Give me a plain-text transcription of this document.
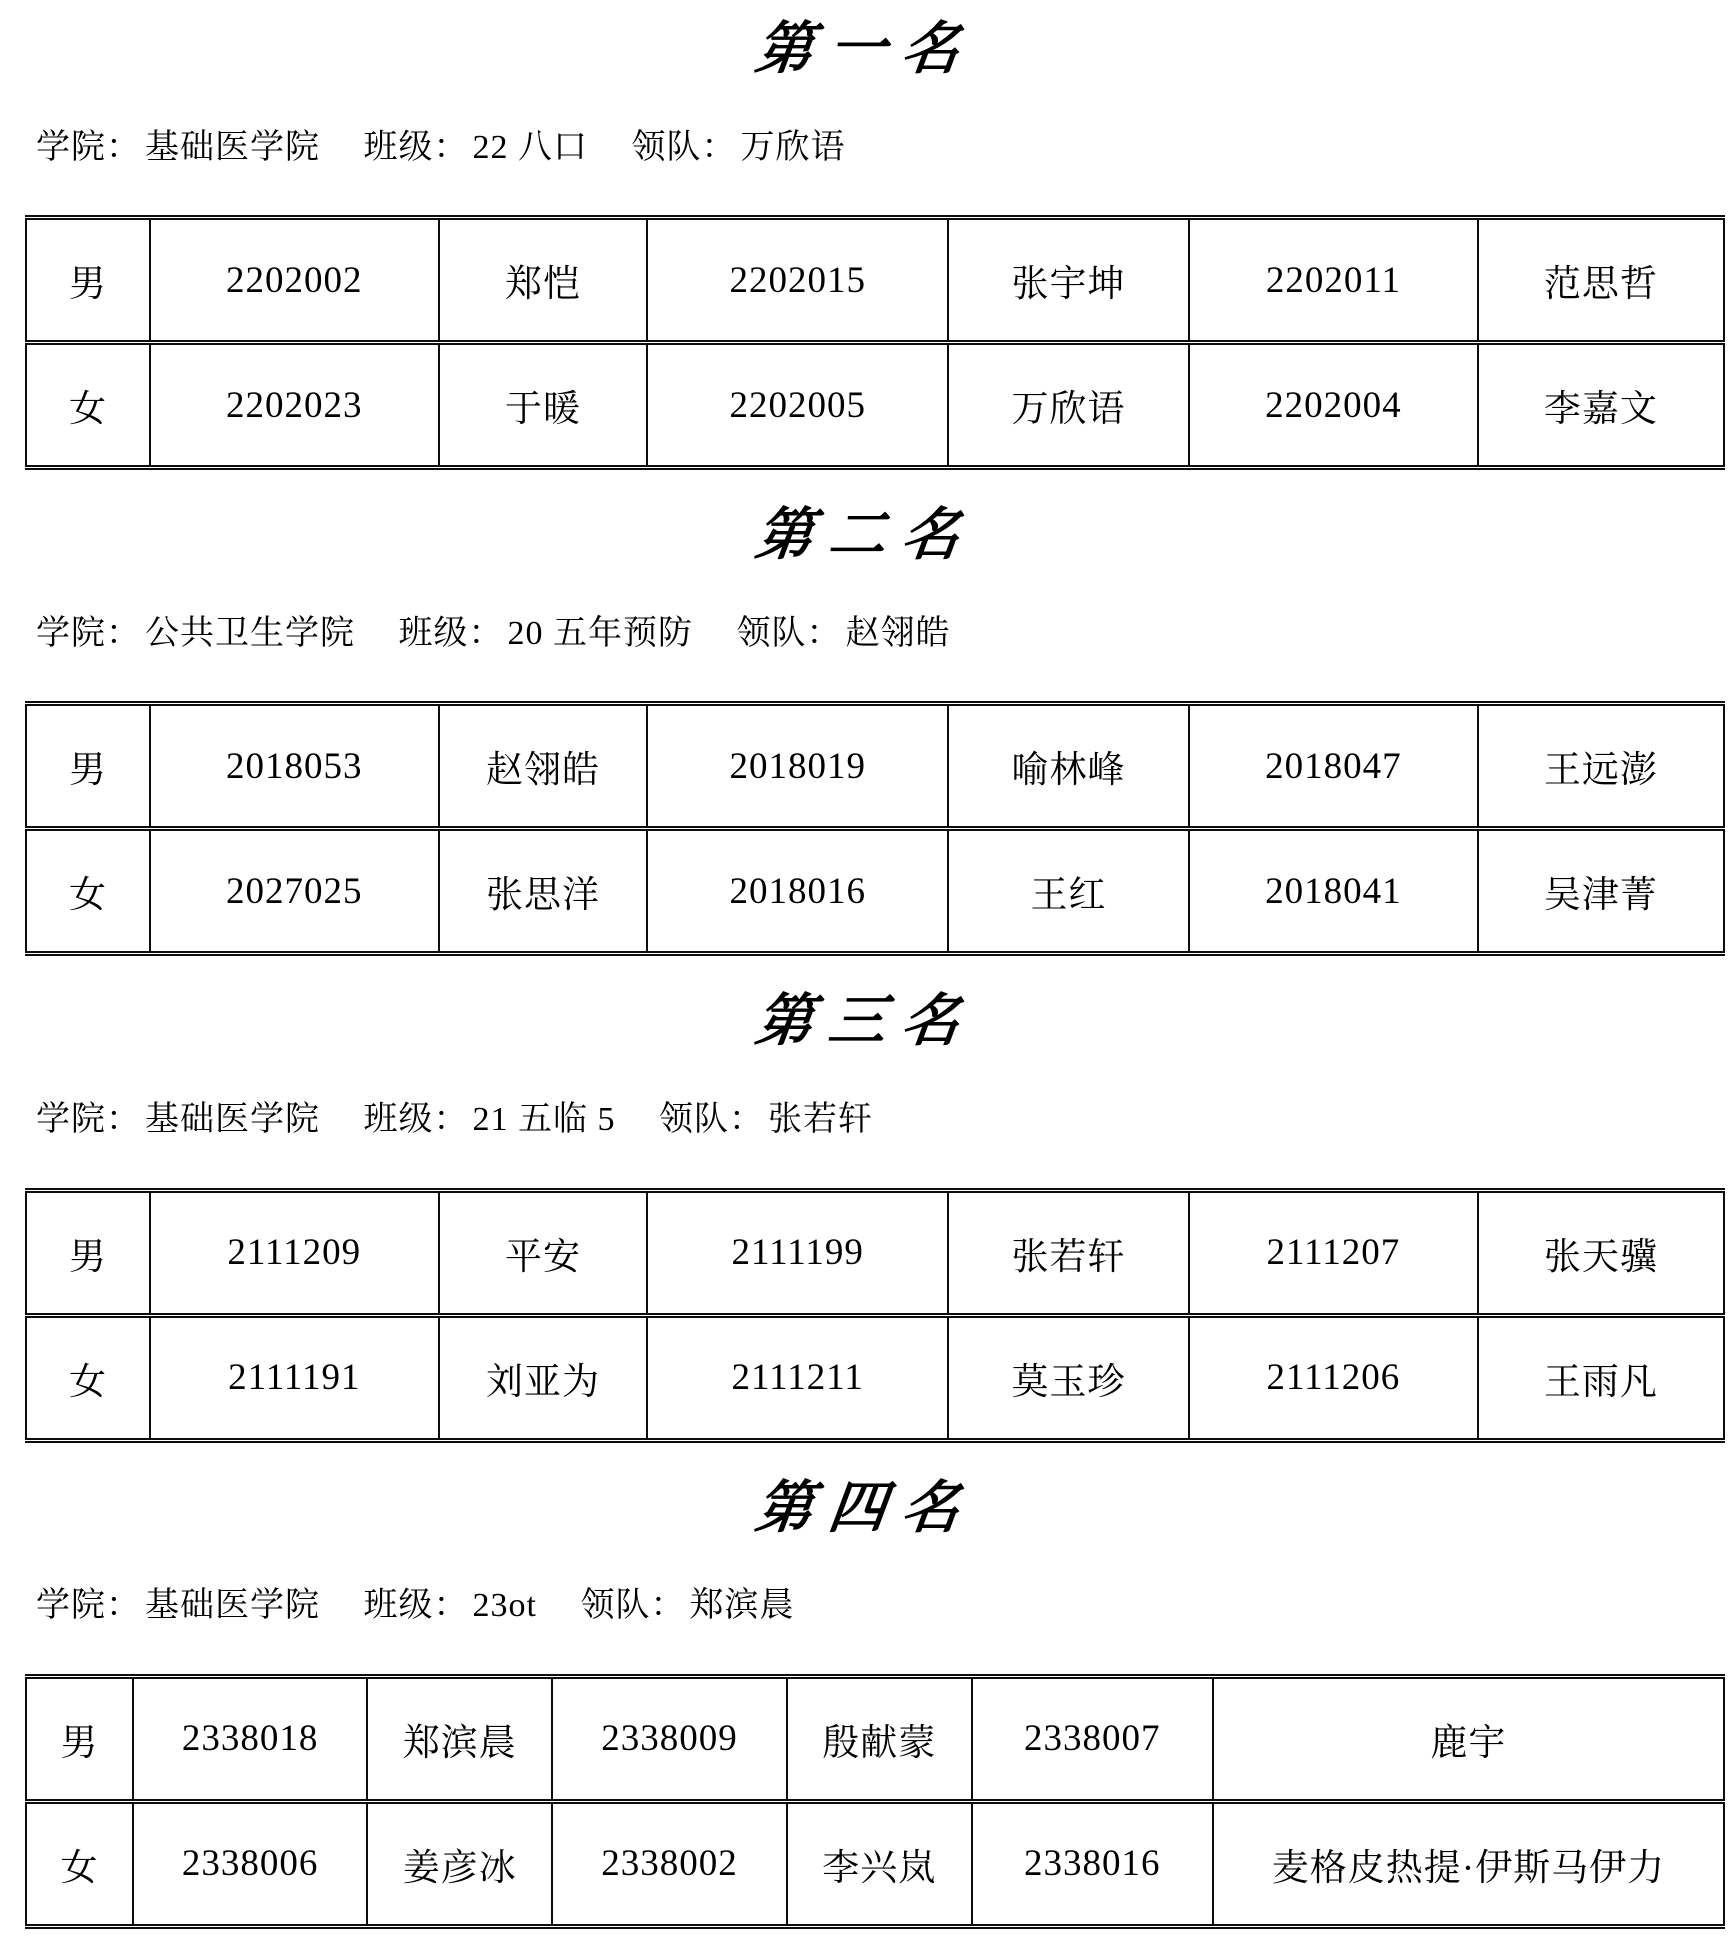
第一名
学院： 基础医学院 班级： 22 八口 领队： 万欣语
男	2202002	郑恺	2202015	张宇坤	2202011	范思哲
女	2202023	于暖	2202005	万欣语	2202004	李嘉文
第二名
学院： 公共卫生学院 班级： 20 五年预防 领队： 赵翎皓
男	2018053	赵翎皓	2018019	喻林峰	2018047	王远澎
女	2027025	张思洋	2018016	王红	2018041	吴津菁
第三名
学院： 基础医学院 班级： 21 五临 5 领队： 张若轩
男	2111209	平安	2111199	张若轩	2111207	张天骥
女	2111191	刘亚为	2111211	莫玉珍	2111206	王雨凡
第四名
学院： 基础医学院 班级： 23ot 领队： 郑滨晨
男	2338018	郑滨晨	2338009	殷献蒙	2338007	鹿宇
女	2338006	姜彦冰	2338002	李兴岚	2338016	麦格皮热提·伊斯马伊力
